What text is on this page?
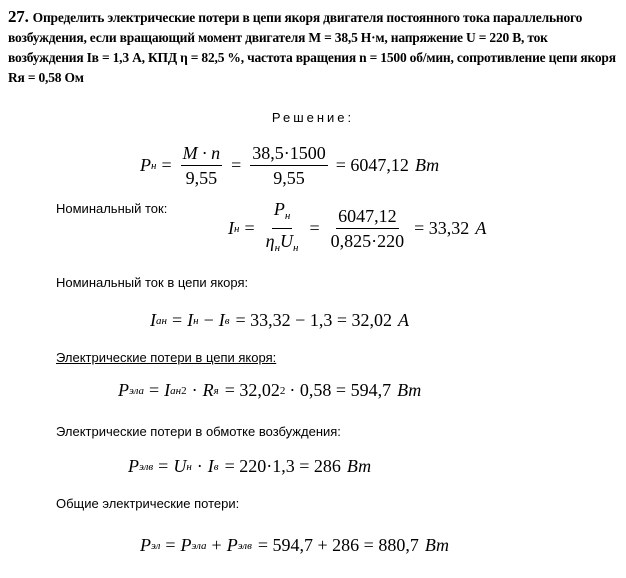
27. Определить электрические потери в цепи якоря двигателя постоянного тока параллельного возбуждения, если вращающий момент двигателя M = 38,5 Н·м, напряжение U = 220 В, ток возбуждения Iв = 1,3 А, КПД η = 82,5 %, частота вращения n = 1500 об/мин, сопротивление цепи якоря Rя = 0,58 Ом
Решение:
P $н = \frac{M \cdot n}{9,55} = \frac{38,5\cdot 1500}{9,55} = 6047,12$ Вт
Номинальный ток:
I $н = \frac{P_н}{\eta_нU_н} = \frac{6047,12}{0,825\cdot 220} = 33,32$ A
Номинальный ток в цепи якоря:
I ан = I н − I в = 33,32 − 1,3 = 32,02 A
Электрические потери в цепи якоря:
P эла = I ан 2 · R я = 32,02 2 · 0,58 = 594,7 Вт
Электрические потери в обмотке возбуждения:
P элв = U н · I в = 220·1,3 = 286 Вт
Общие электрические потери:
P эл = P эла + P элв = 594,7 + 286 = 880,7 Вт
